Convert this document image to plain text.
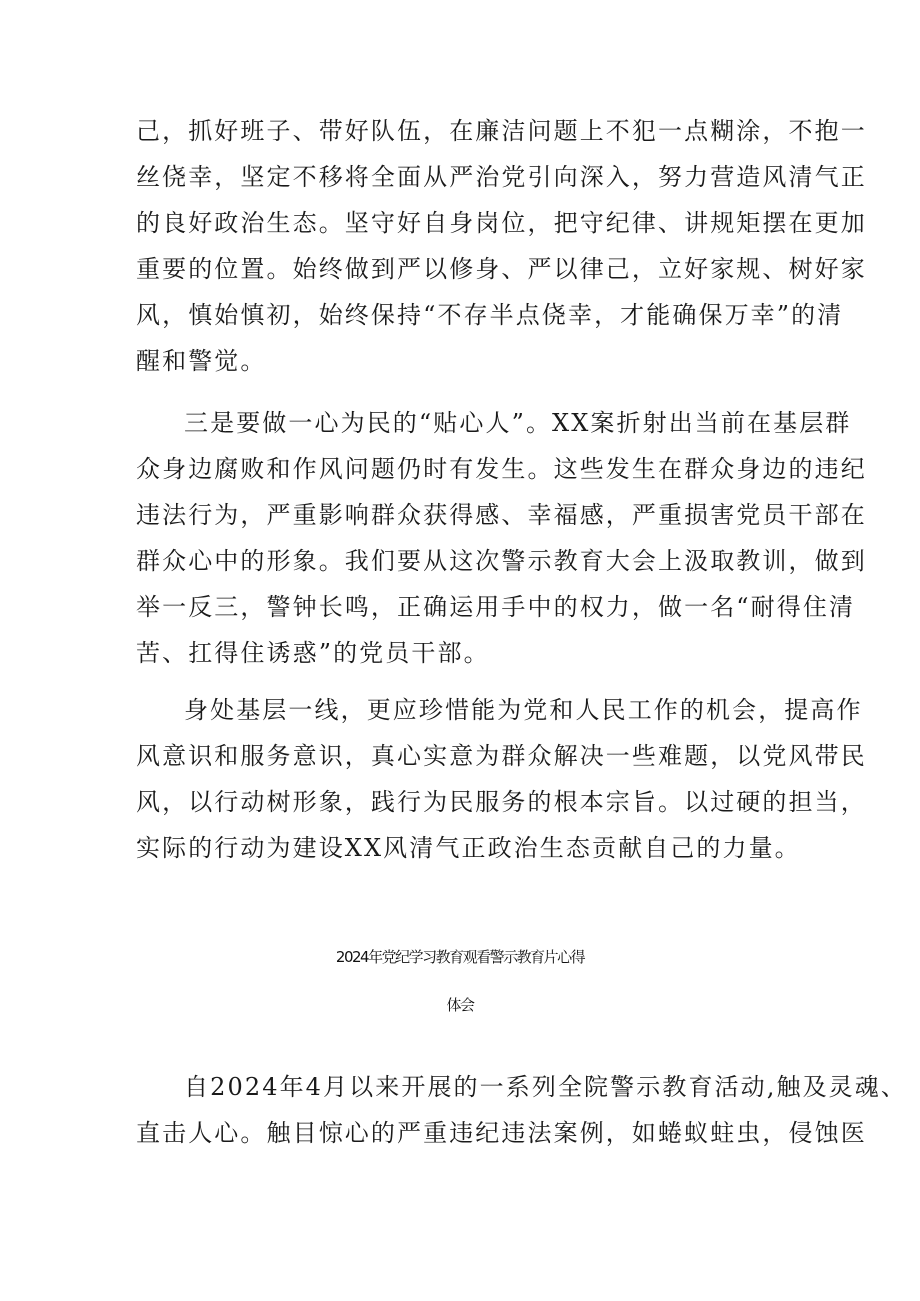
己，抓好班子、带好队伍，在廉洁问题上不犯一点糊涂，不抱一
丝侥幸，坚定不移将全面从严治党引向深入，努力营造风清气正
的良好政治生态。坚守好自身岗位，把守纪律、讲规矩摆在更加
重要的位置。始终做到严以修身、严以律己，立好家规、树好家
风，慎始慎初，始终保持“不存半点侥幸，才能确保万幸”的清
醒和警觉。
三是要做一心为民的“贴心人”。XX案折射出当前在基层群
众身边腐败和作风问题仍时有发生。这些发生在群众身边的违纪
违法行为，严重影响群众获得感、幸福感，严重损害党员干部在
群众心中的形象。我们要从这次警示教育大会上汲取教训，做到
举一反三，警钟长鸣，正确运用手中的权力，做一名“耐得住清
苦、扛得住诱惑”的党员干部。
身处基层一线，更应珍惜能为党和人民工作的机会，提高作
风意识和服务意识，真心实意为群众解决一些难题，以党风带民
风，以行动树形象，践行为民服务的根本宗旨。以过硬的担当，
实际的行动为建设XX风清气正政治生态贡献自己的力量。
2024年党纪学习教育观看警示教育片心得
体会
自2024年4月以来开展的一系列全院警示教育活动,触及灵魂、
直击人心。触目惊心的严重违纪违法案例，如蜷蚁蛀虫，侵蚀医
